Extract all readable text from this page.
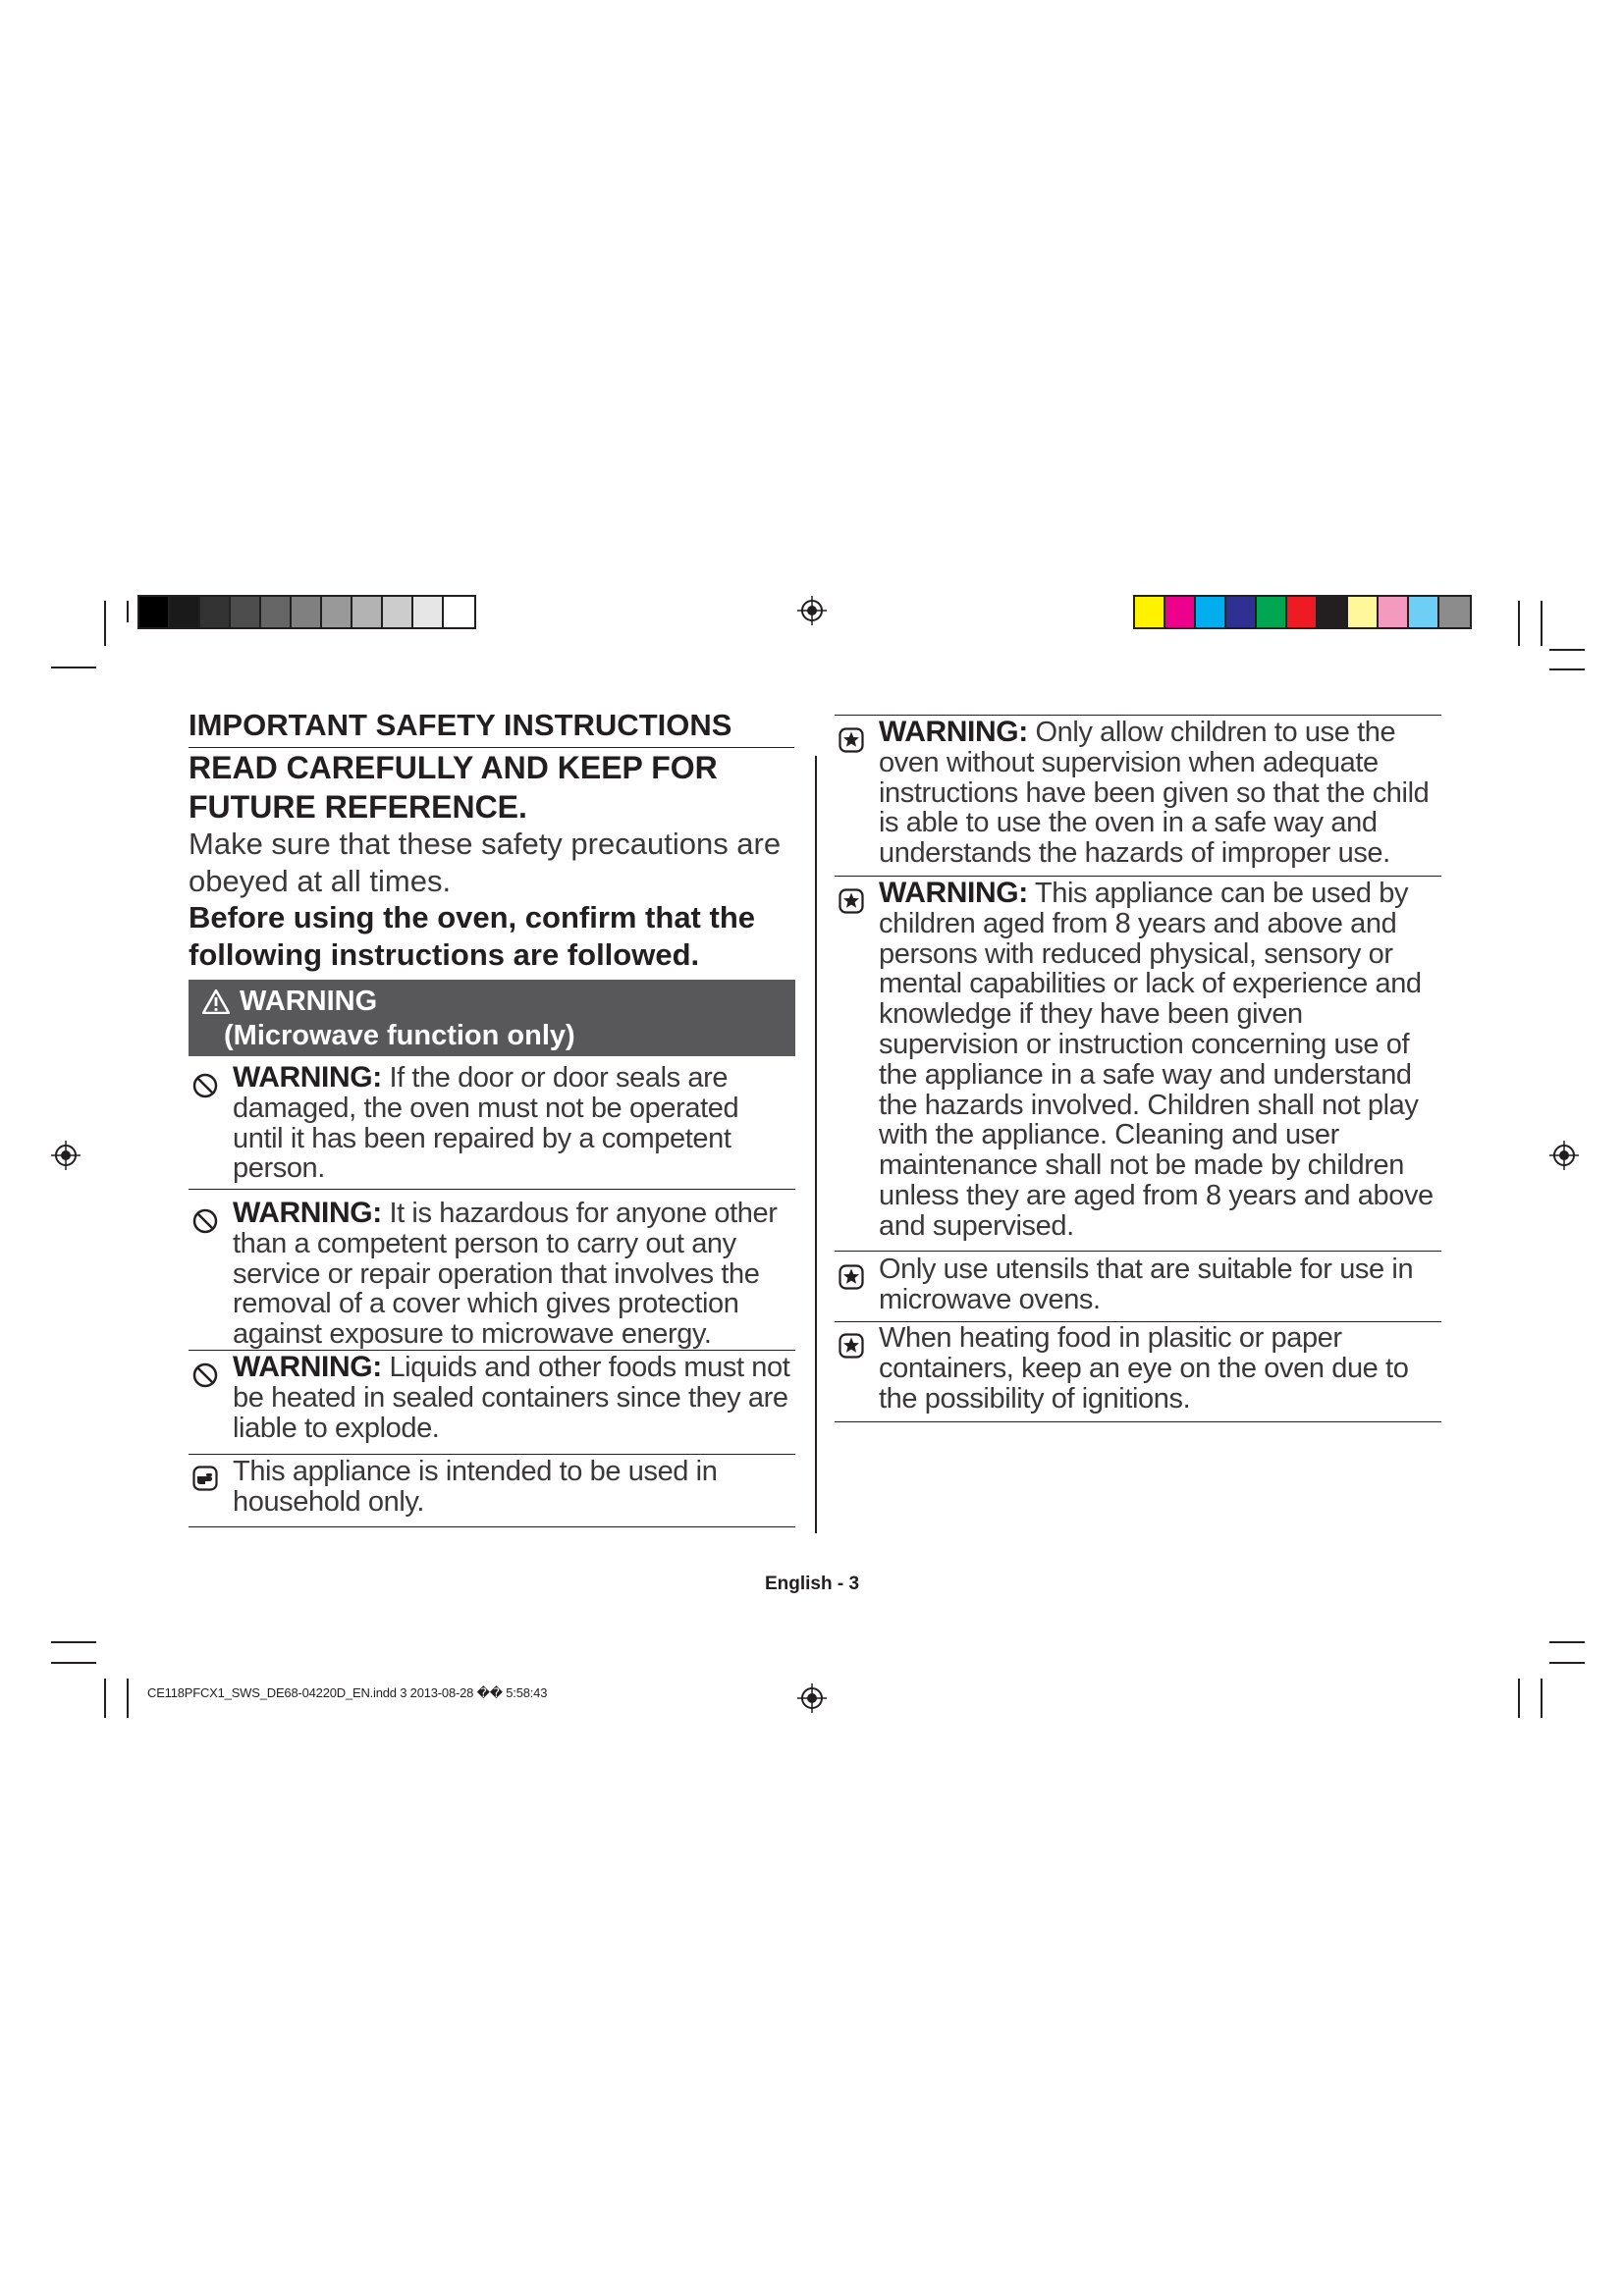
IMPORTANT SAFETY INSTRUCTIONS
READ CAREFULLY AND KEEP FOR FUTURE REFERENCE.
Make sure that these safety precautions are obeyed at all times.
Before using the oven, confirm that the following instructions are followed.
WARNING
(Microwave function only)
WARNING: If the door or door seals are damaged, the oven must not be operated until it has been repaired by a competent person.
WARNING: It is hazardous for anyone other than a competent person to carry out any service or repair operation that involves the removal of a cover which gives protection against exposure to microwave energy.
WARNING: Liquids and other foods must not be heated in sealed containers since they are liable to explode.
This appliance is intended to be used in household only.
WARNING: Only allow children to use the oven without supervision when adequate instructions have been given so that the child is able to use the oven in a safe way and understands the hazards of improper use.
WARNING: This appliance can be used by children aged from 8 years and above and persons with reduced physical, sensory or mental capabilities or lack of experience and knowledge if they have been given supervision or instruction concerning use of the appliance in a safe way and understand the hazards involved. Children shall not play with the appliance. Cleaning and user maintenance shall not be made by children unless they are aged from 8 years and above and supervised.
Only use utensils that are suitable for use in microwave ovens.
When heating food in plasitic or paper containers, keep an eye on the oven due to the possibility of ignitions.
English - 3
CE118PFCX1_SWS_DE68-04220D_EN.indd 3 2013-08-28 �� 5:58:43
